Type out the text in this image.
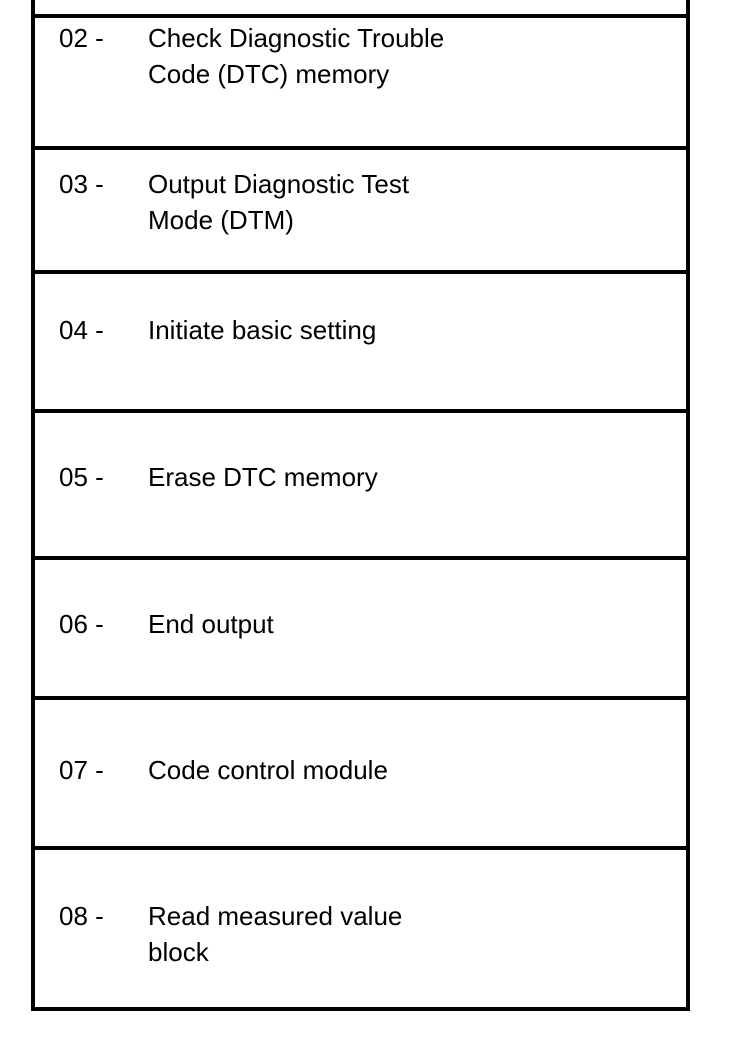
02 - Check Diagnostic Trouble
Code (DTC) memory
03 - Output Diagnostic Test
Mode (DTM)
04 - Initiate basic setting
05 - Erase DTC memory
06 - End output
07 - Code control module
08 - Read measured value
block
